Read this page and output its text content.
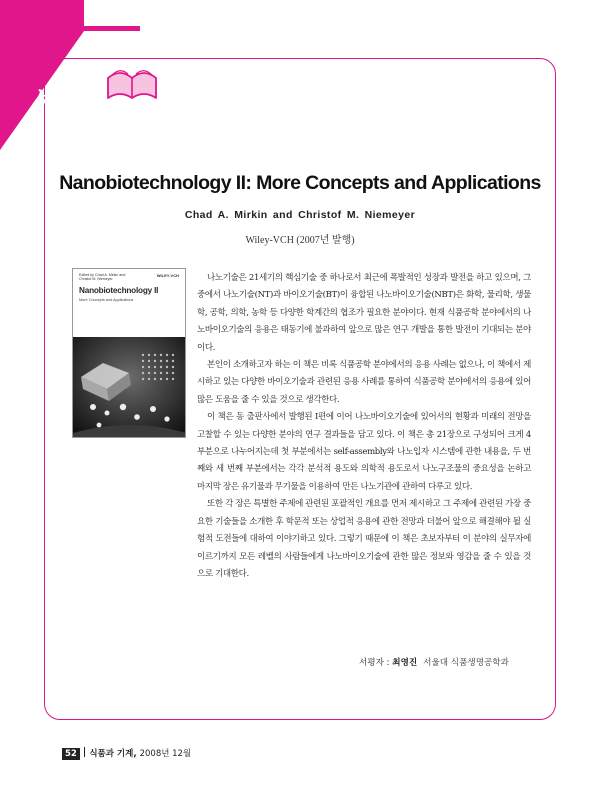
서평(1)
Nanobiotechnology II: More Concepts and Applications
Chad A. Mirkin and Christof M. Niemeyer
Wiley-VCH (2007년 발행)
Edited by Chad A. Mirkin and
Christof M. Niemeyer
WILEY-VCH
Nanobiotechnology II
More Concepts and Applications

나노기술은 21세기의 핵심기술 중 하나로서 최근에 폭발적인 성장과 발전을 하고 있으며, 그 중에서 나노기술(NT)과 바이오기술(BT)이 융합된 나노바이오기술(NBT)은 화학, 물리학, 생물학, 공학, 의학, 농학 등 다양한 학계간의 협조가 필요한 분야이다. 현재 식품공학 분야에서의 나노바이오기술의 응용은 태동기에 불과하여 앞으로 많은 연구 개발을 통한 발전이 기대되는 분야이다.

본인이 소개하고자 하는 이 책은 비록 식품공학 분야에서의 응용 사례는 없으나, 이 책에서 제시하고 있는 다양한 바이오기술과 관련된 응용 사례를 통하여 식품공학 분야에서의 응용에 있어 많은 도움을 줄 수 있을 것으로 생각한다.

이 책은 동 출판사에서 발행된 I편에 이어 나노바이오기술에 있어서의 현황과 미래의 전망을 고찰할 수 있는 다양한 분야의 연구 결과들을 담고 있다. 이 책은 총 21장으로 구성되어 크게 4부분으로 나누어지는데 첫 부분에서는 self-assembly와 나노입자 시스템에 관한 내용을, 두 번째와 세 번째 부분에서는 각각 분석적 용도와 의학적 용도로서 나노구조물의 중요성을 논하고 마지막 장은 유기물과 무기물을 이용하여 만든 나노기관에 관하여 다루고 있다.

또한 각 장은 특별한 주제에 관련된 포괄적인 개요를 먼저 제시하고 그 주제에 관련된 가장 중요한 기술들을 소개한 후 학문적 또는 상업적 응용에 관한 전망과 더불어 앞으로 해결해야 될 실험적 도전들에 대하여 이야기하고 있다. 그렇기 때문에 이 책은 초보자부터 이 분야의 실무자에 이르기까지 모든 레벨의 사람들에게 나노바이오기술에 관한 많은 정보와 영감을 줄 수 있을 것으로 기대한다.

서평자 : 최영진 서울대 식품생명공학과
52 식품과 기계, 2008년 12월
